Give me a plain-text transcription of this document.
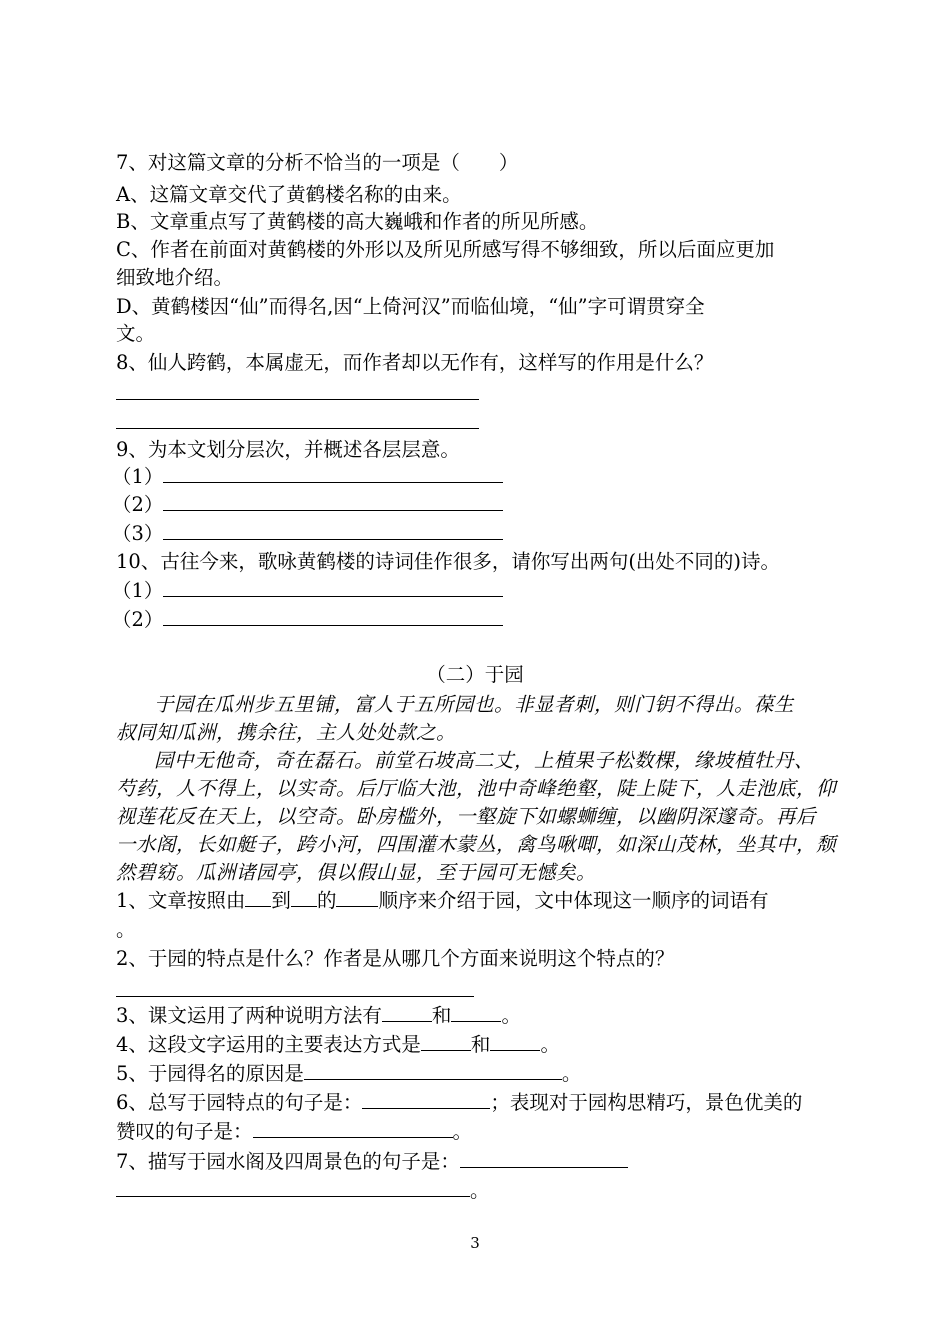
7、对这篇文章的分析不恰当的一项是（　　）
A、这篇文章交代了黄鹤楼名称的由来。
B、文章重点写了黄鹤楼的高大巍峨和作者的所见所感。
C、作者在前面对黄鹤楼的外形以及所见所感写得不够细致，所以后面应更加
细致地介绍。
D、黄鹤楼因“仙”而得名,因“上倚河汉”而临仙境，“仙”字可谓贯穿全
文。
8、仙人跨鹤，本属虚无，而作者却以无作有，这样写的作用是什么？
9、为本文划分层次，并概述各层层意。
（1）
（2）
（3）
10、古往今来，歌咏黄鹤楼的诗词佳作很多，请你写出两句(出处不同的)诗。
（1）
（2）
（二）于园
于园在瓜州步五里铺，富人于五所园也。非显者刺，则门钥不得出。葆生
叔同知瓜洲，携余往，主人处处款之。
园中无他奇，奇在磊石。前堂石坡高二丈，上植果子松数棵，缘坡植牡丹、
芍药，人不得上，以实奇。后厅临大池，池中奇峰绝壑，陡上陡下，人走池底，仰
视莲花反在天上，以空奇。卧房槛外，一壑旋下如螺蛳缠，以幽阴深邃奇。再后
一水阁，长如艇子，跨小河，四围灌木蒙丛，禽鸟啾唧，如深山茂林，坐其中，颓
然碧窈。瓜洲诸园亭，俱以假山显，至于园可无憾矣。
1、文章按照由 到 的 顺序来介绍于园，文中体现这一顺序的词语有
。
2、于园的特点是什么？作者是从哪几个方面来说明这个特点的？
3、课文运用了两种说明方法有	和	。
4、这段文字运用的主要表达方式是	和	。
5、于园得名的原因是	。
6、总写于园特点的句子是：	；表现对于园构思精巧，景色优美的
赞叹的句子是：	。
7、描写于园水阁及四周景色的句子是：
。
3
